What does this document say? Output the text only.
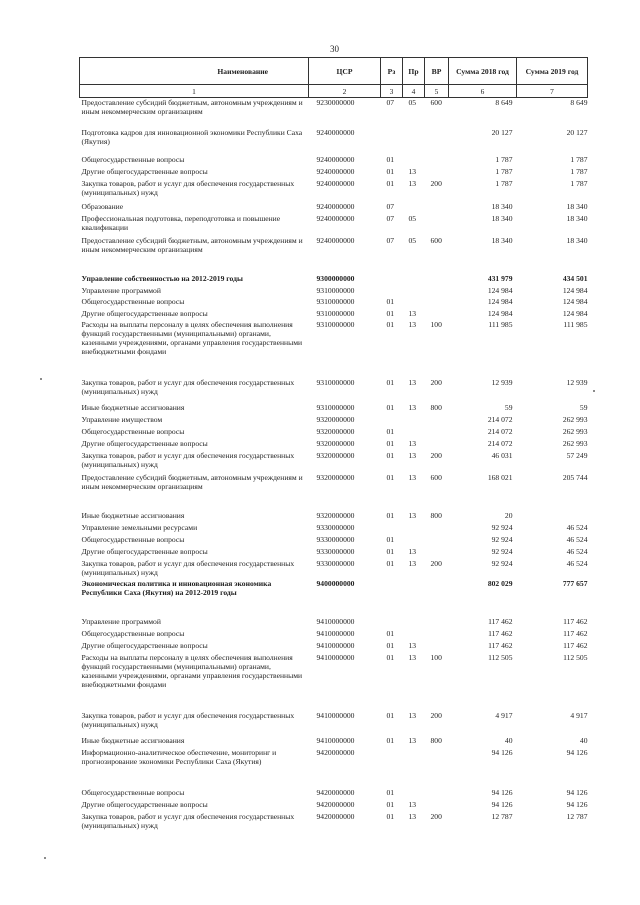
30
Наименование	ЦСР	Рз	Пр	ВР	Сумма 2018 год	Сумма 2019 год
1	2	3	4	5	6	7
Предоставление субсидий бюджетным, автономным учреждениям и иным некоммерческим организациям	9230000000	07	05	600	8 649	8 649
Подготовка кадров для инновационной экономики Республики Саха (Якутия)	9240000000				20 127	20 127
Общегосударственные вопросы	9240000000	01			1 787	1 787
Другие общегосударственные вопросы	9240000000	01	13		1 787	1 787
Закупка товаров, работ и услуг для обеспечения государственных (муниципальных) нужд	9240000000	01	13	200	1 787	1 787
Образование	9240000000	07			18 340	18 340
Профессиональная подготовка, переподготовка и повышение квалификации	9240000000	07	05		18 340	18 340
Предоставление субсидий бюджетным, автономным учреждениям и иным некоммерческим организациям	9240000000	07	05	600	18 340	18 340
Управление собственностью на 2012-2019 годы	9300000000				431 979	434 501
Управление программой	9310000000				124 984	124 984
Общегосударственные вопросы	9310000000	01			124 984	124 984
Другие общегосударственные вопросы	9310000000	01	13		124 984	124 984
Расходы на выплаты персоналу в целях обеспечения выполнения функций государственными (муниципальными) органами, казенными учреждениями, органами управления государственными внебюджетными фондами	9310000000	01	13	100	111 985	111 985
Закупка товаров, работ и услуг для обеспечения государственных (муниципальных) нужд	9310000000	01	13	200	12 939	12 939
Иные бюджетные ассигнования	9310000000	01	13	800	59	59
Управление имуществом	9320000000				214 072	262 993
Общегосударственные вопросы	9320000000	01			214 072	262 993
Другие общегосударственные вопросы	9320000000	01	13		214 072	262 993
Закупка товаров, работ и услуг для обеспечения государственных (муниципальных) нужд	9320000000	01	13	200	46 031	57 249
Предоставление субсидий бюджетным, автономным учреждениям и иным некоммерческим организациям	9320000000	01	13	600	168 021	205 744
Иные бюджетные ассигнования	9320000000	01	13	800	20	
Управление земельными ресурсами	9330000000				92 924	46 524
Общегосударственные вопросы	9330000000	01			92 924	46 524
Другие общегосударственные вопросы	9330000000	01	13		92 924	46 524
Закупка товаров, работ и услуг для обеспечения государственных (муниципальных) нужд	9330000000	01	13	200	92 924	46 524
Экономическая политика и инновационная экономика Республики Саха (Якутия) на 2012-2019 годы	9400000000				802 029	777 657
Управление программой	9410000000				117 462	117 462
Общегосударственные вопросы	9410000000	01			117 462	117 462
Другие общегосударственные вопросы	9410000000	01	13		117 462	117 462
Расходы на выплаты персоналу в целях обеспечения выполнения функций государственными (муниципальными) органами, казенными учреждениями, органами управления государственными внебюджетными фондами	9410000000	01	13	100	112 505	112 505
Закупка товаров, работ и услуг для обеспечения государственных (муниципальных) нужд	9410000000	01	13	200	4 917	4 917
Иные бюджетные ассигнования	9410000000	01	13	800	40	40
Информационно-аналитическое обеспечение, мониторинг и прогнозирование экономики Республики Саха (Якутия)	9420000000				94 126	94 126
Общегосударственные вопросы	9420000000	01			94 126	94 126
Другие общегосударственные вопросы	9420000000	01	13		94 126	94 126
Закупка товаров, работ и услуг для обеспечения государственных (муниципальных) нужд	9420000000	01	13	200	12 787	12 787
